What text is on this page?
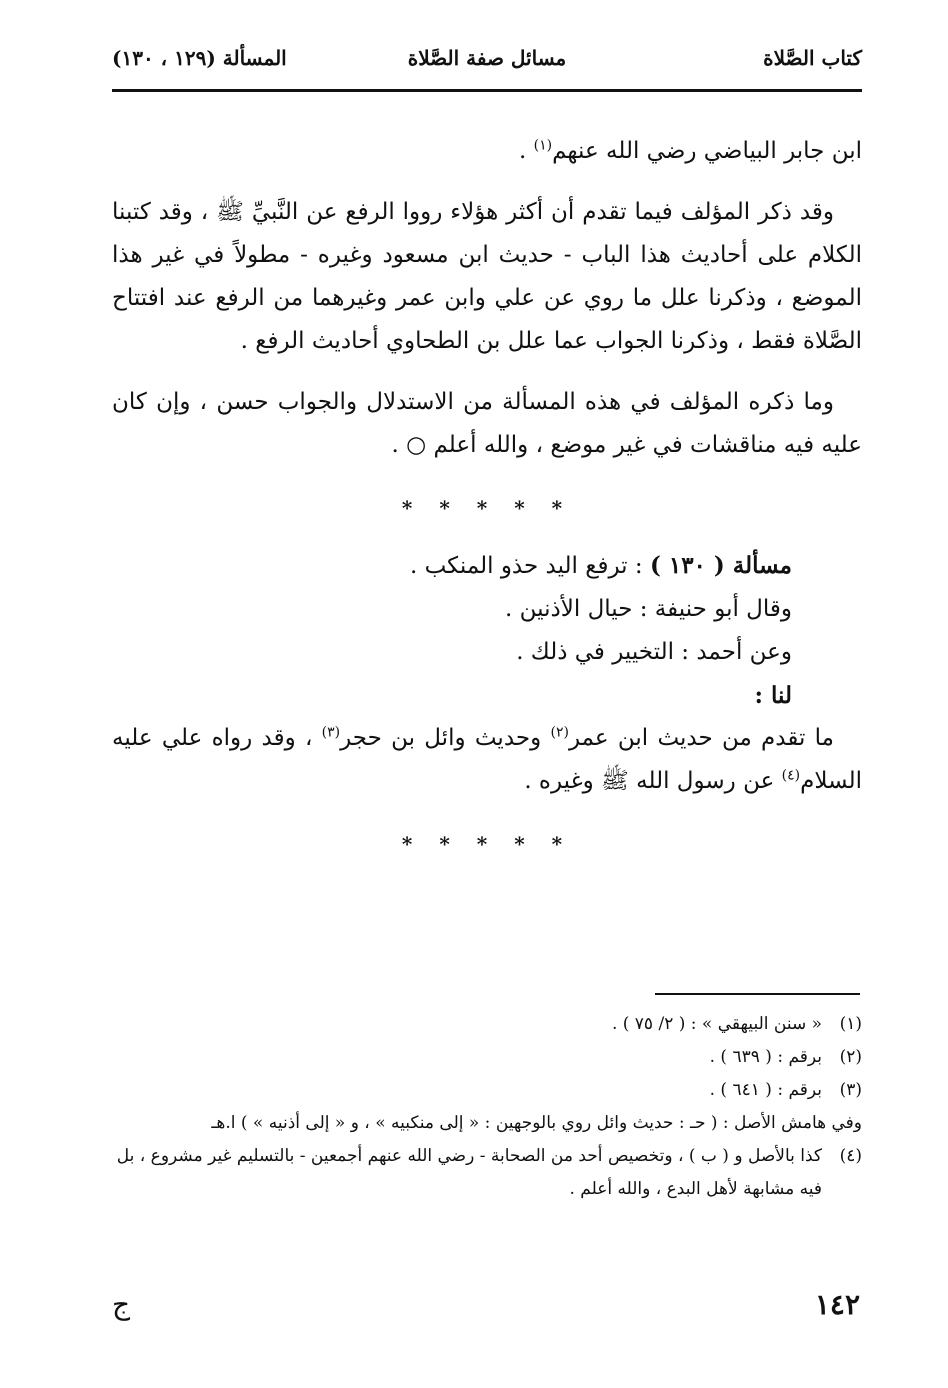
كتاب الصَّلاة
مسائل صفة الصَّلاة
المسألة (١٢٩ ، ١٣٠)

ابن جابر البياضي رضي الله عنهم$^{(١)}$ .

وقد ذكر المؤلف فيما تقدم أن أكثر هؤلاء رووا الرفع عن النَّبيِّ ﷺ ، وقد كتبنا الكلام على أحاديث هذا الباب - حديث ابن مسعود وغيره - مطولاً في غير هذا الموضع ، وذكرنا علل ما روي عن علي وابن عمر وغيرهما من الرفع عند افتتاح الصَّلاة فقط ، وذكرنا الجواب عما علل بن الطحاوي أحاديث الرفع .

وما ذكره المؤلف في هذه المسألة من الاستدلال والجواب حسن ، وإن كان عليه فيه مناقشات في غير موضع ، والله أعلم ○ .

* * * * *

مسألة ( ١٣٠ ) : ترفع اليد حذو المنكب .

وقال أبو حنيفة : حيال الأذنين .

وعن أحمد : التخيير في ذلك .

لنا :

ما تقدم من حديث ابن عمر$^{(٢)}$ وحديث وائل بن حجر$^{(٣)}$ ، وقد رواه علي عليه السلام$^{(٤)}$ عن رسول الله ﷺ وغيره .

* * * * *
(١)
« سنن البيهقي » : ( ٢/ ٧٥ ) .
(٢)
برقم : ( ٦٣٩ ) .
(٣)
برقم : ( ٦٤١ ) .
وفي هامش الأصل : ( حـ : حديث وائل روي بالوجهين : « إلى منكبيه » ، و « إلى أذنيه » ) ا.هـ
(٤)
كذا بالأصل و ( ب ) ، وتخصيص أحد من الصحابة - رضي الله عنهم أجمعين - بالتسليم غير مشروع ، بل فيه مشابهة لأهل البدع ، والله أعلم .
١٤٢
ج
